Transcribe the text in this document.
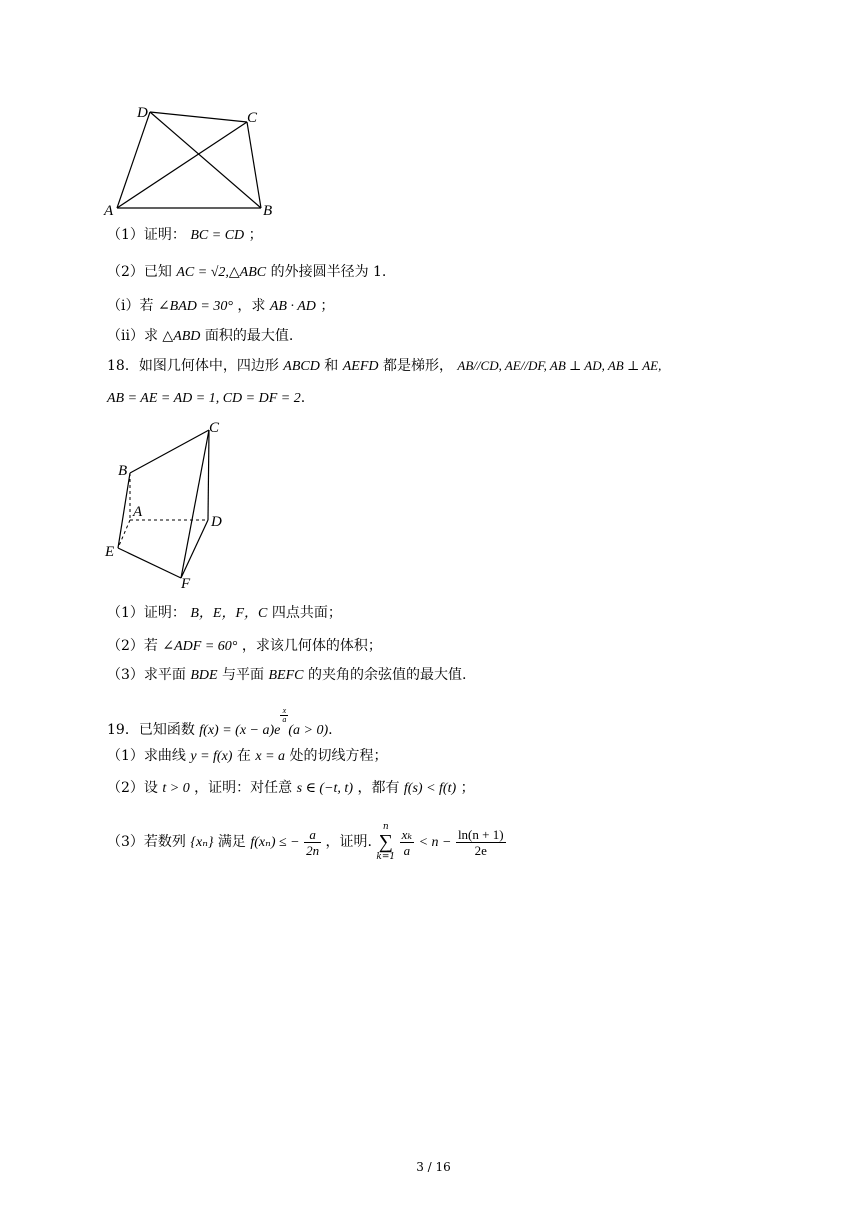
D	C
A	B
B
C
A
D
E
F
（1）证明： BC = CD ；
（2）已知 AC = √2,△ABC 的外接圆半径为 1.
（i）若 ∠BAD = 30° ，求 AB · AD ；
（ii）求 △ABD 面积的最大值.
18．如图几何体中，四边形 ABCD 和 AEFD 都是梯形， AB//CD, AE//DF, AB ⊥ AD, AB ⊥ AE,
AB = AE = AD = 1, CD = DF = 2.
（1）证明： B，E，F，C 四点共面；
（2）若 ∠ADF = 60° ，求该几何体的体积；
（3）求平面 BDE 与平面 BEFC 的夹角的余弦值的最大值.
19．已知函数 f(x) = (x − a)e
$\frac{x}{a}$
(a > 0).
（1）求曲线 y = f(x) 在 x = a 处的切线方程；
（2）设 t > 0 ，证明：对任意 s ∈ (−t, t) ，都有 f(s) < f(t) ；
（3）若数列 {xₙ} 满足 f(xₙ) ≤ − $\frac{a}{2n}$ ，证明.
n
∑
k=1
$\frac{\text{xₖ}}{a} < n - \frac{\ln(n + 1)}{2e}$
3 / 16
